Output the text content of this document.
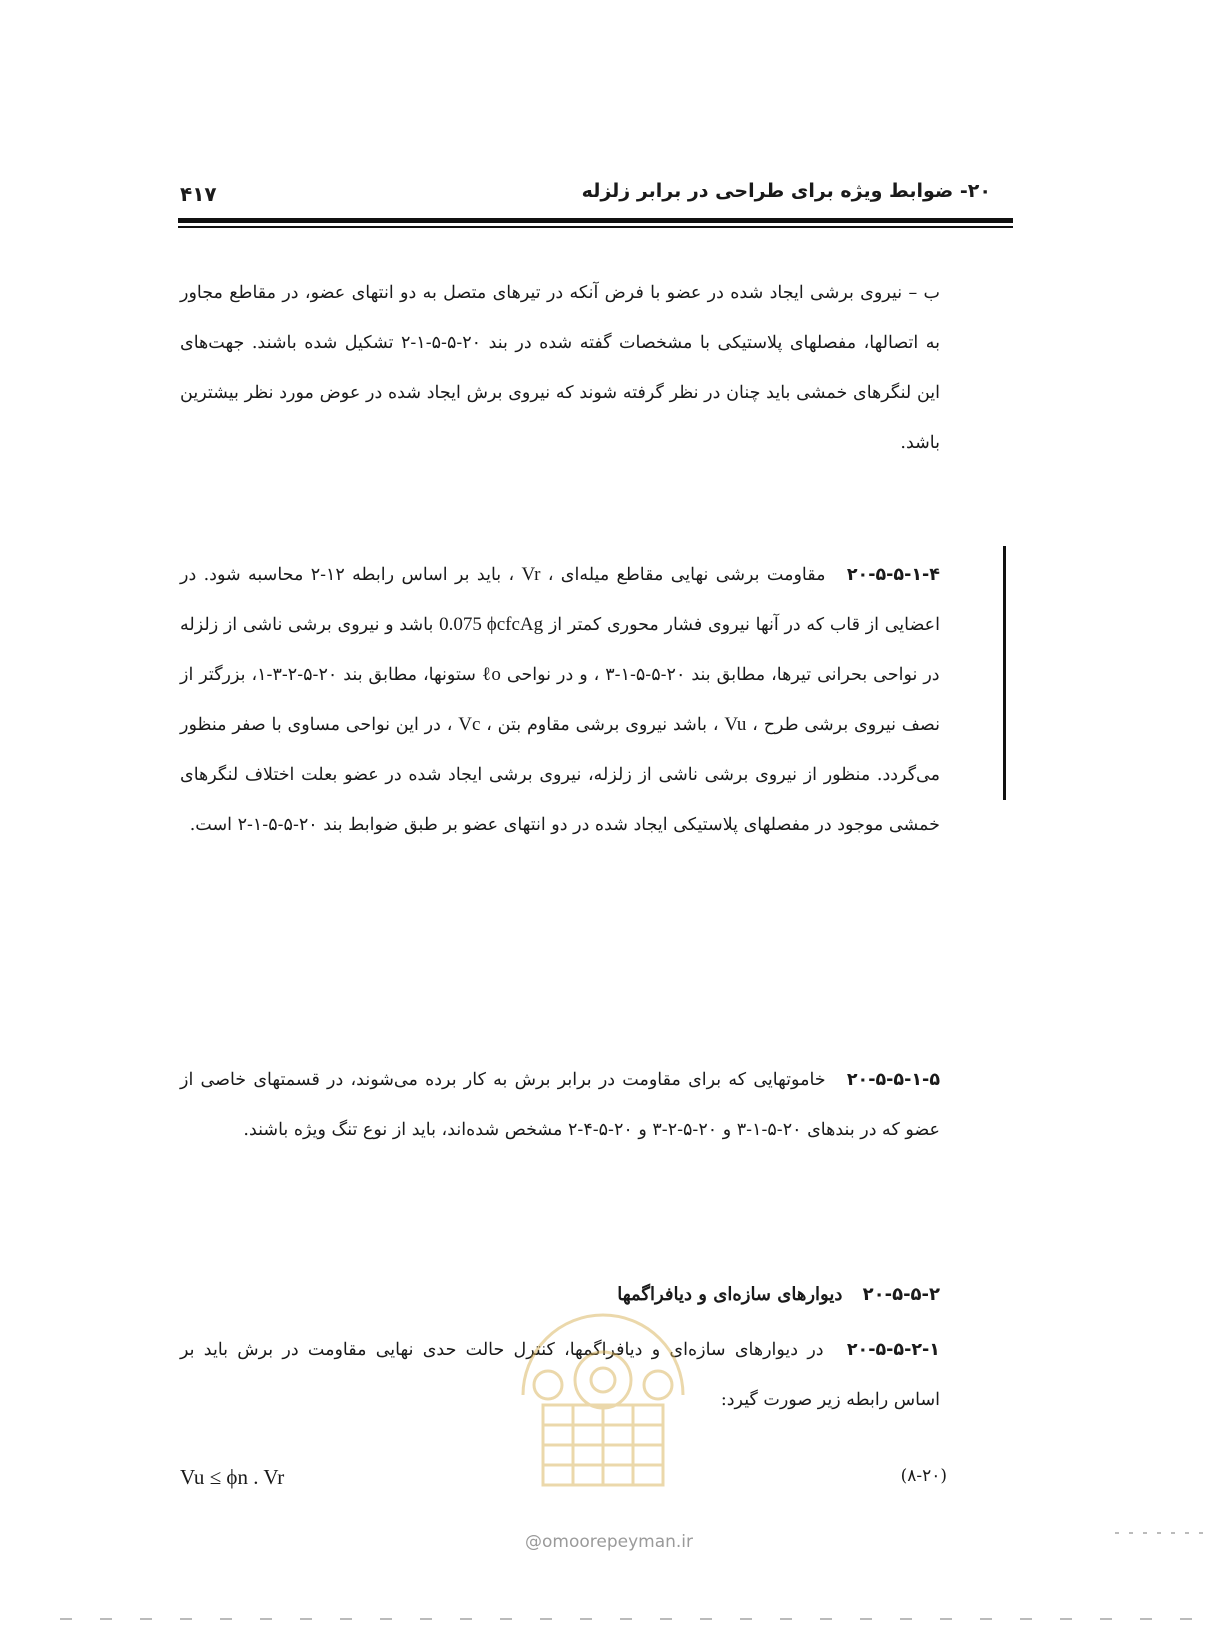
۲۰- ضوابط ویژه برای طراحی در برابر زلزله
۴۱۷
ب – نیروی برشی ایجاد شده در عضو با فرض آنکه در تیرهای متصل به دو انتهای عضو، در مقاطع مجاور به اتصالها، مفصلهای پلاستیکی با مشخصات گفته شده در بند ۲۰-۵-۵-۱-۲ تشکیل شده باشند. جهت‌های این لنگرهای خمشی باید چنان در نظر گرفته شوند که نیروی برش ایجاد شده در عوض مورد نظر بیشترین باشد.
۲۰-۵-۵-۱-۴ مقاومت برشی نهایی مقاطع میله‌ای ، Vr ، باید بر اساس رابطه ۱۲-۲ محاسبه شود. در اعضایی از قاب که در آنها نیروی فشار محوری کمتر از 0.075 ϕcfcAg باشد و نیروی برشی ناشی از زلزله در نواحی بحرانی تیرها، مطابق بند ۲۰-۵-۵-۱-۳ ، و در نواحی ℓo ستونها، مطابق بند ۲۰-۵-۲-۳-۱، بزرگتر از نصف نیروی برشی طرح ، Vu ، باشد نیروی برشی مقاوم بتن ، Vc ، در این نواحی مساوی با صفر منظور می‌گردد. منظور از نیروی برشی ناشی از زلزله، نیروی برشی ایجاد شده در عضو بعلت اختلاف لنگرهای خمشی موجود در مفصلهای پلاستیکی ایجاد شده در دو انتهای عضو بر طبق ضوابط بند ۲۰-۵-۵-۱-۲ است.
۲۰-۵-۵-۱-۵ خاموتهایی که برای مقاومت در برابر برش به کار برده می‌شوند، در قسمتهای خاصی از عضو که در بندهای ۲۰-۵-۱-۳ و ۲۰-۵-۲-۳ و ۲۰-۵-۴-۲ مشخص شده‌اند، باید از نوع تنگ ویژه باشند.
۲۰-۵-۵-۲ دیوارهای سازه‌ای و دیافراگمها
۲۰-۵-۵-۲-۱ در دیوارهای سازه‌ای و دیافراگمها، کنترل حالت حدی نهایی مقاومت در برش باید بر اساس رابطه زیر صورت گیرد:
Vu ≤ ϕn . Vr	(۸-۲۰)
@omoorepeyman.ir
